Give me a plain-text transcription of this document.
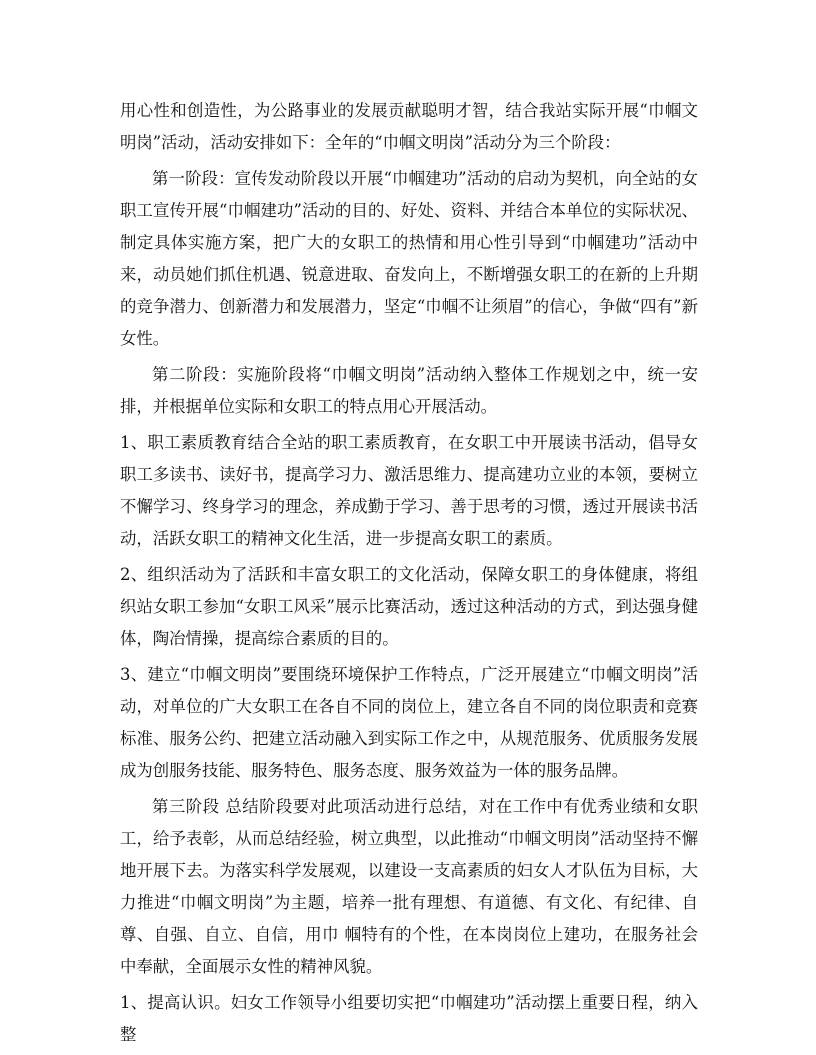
用心性和创造性，为公路事业的发展贡献聪明才智，结合我站实际开展“巾帼文明岗”活动，活动安排如下：全年的“巾帼文明岗”活动分为三个阶段：

第一阶段：宣传发动阶段以开展“巾帼建功”活动的启动为契机，向全站的女职工宣传开展“巾帼建功”活动的目的、好处、资料、并结合本单位的实际状况、制定具体实施方案，把广大的女职工的热情和用心性引导到“巾帼建功”活动中来，动员她们抓住机遇、锐意进取、奋发向上，不断增强女职工的在新的上升期的竞争潜力、创新潜力和发展潜力，坚定“巾帼不让须眉”的信心，争做“四有”新女性。

第二阶段：实施阶段将“巾帼文明岗”活动纳入整体工作规划之中，统一安排，并根据单位实际和女职工的特点用心开展活动。

1、职工素质教育结合全站的职工素质教育，在女职工中开展读书活动，倡导女职工多读书、读好书，提高学习力、激活思维力、提高建功立业的本领，要树立不懈学习、终身学习的理念，养成勤于学习、善于思考的习惯，透过开展读书活动，活跃女职工的精神文化生活，进一步提高女职工的素质。

2、组织活动为了活跃和丰富女职工的文化活动，保障女职工的身体健康，将组织站女职工参加“女职工风采”展示比赛活动，透过这种活动的方式，到达强身健体，陶冶情操，提高综合素质的目的。

3、建立“巾帼文明岗”要围绕环境保护工作特点，广泛开展建立“巾帼文明岗”活动，对单位的广大女职工在各自不同的岗位上，建立各自不同的岗位职责和竞赛标准、服务公约、把建立活动融入到实际工作之中，从规范服务、优质服务发展成为创服务技能、服务特色、服务态度、服务效益为一体的服务品牌。

第三阶段 总结阶段要对此项活动进行总结，对在工作中有优秀业绩和女职工，给予表彰，从而总结经验，树立典型，以此推动“巾帼文明岗”活动坚持不懈地开展下去。为落实科学发展观，以建设一支高素质的妇女人才队伍为目标，大力推进“巾帼文明岗”为主题，培养一批有理想、有道德、有文化、有纪律、自尊、自强、自立、自信，用巾 帼特有的个性，在本岗岗位上建功，在服务社会中奉献，全面展示女性的精神风貌。

1、提高认识。妇女工作领导小组要切实把“巾帼建功”活动摆上重要日程，纳入整
